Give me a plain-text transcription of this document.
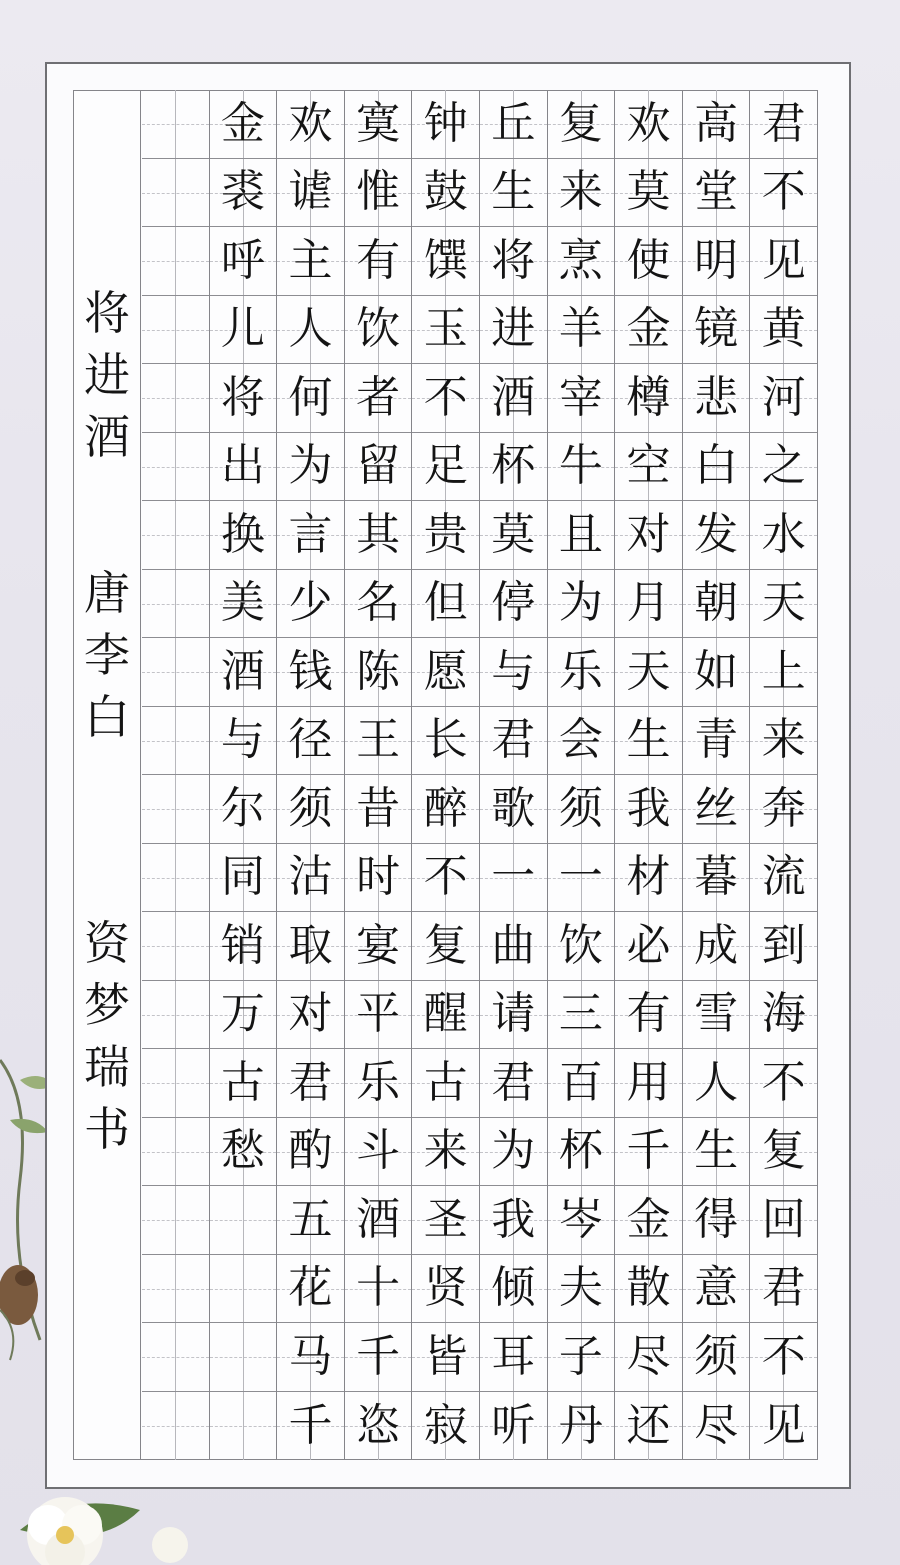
将
进
酒
唐
李
白
资
梦
瑞
书
君
不
见
黄
河
之
水
天
上
来
奔
流
到
海
不
复
回
君
不
见
高
堂
明
镜
悲
白
发
朝
如
青
丝
暮
成
雪
人
生
得
意
须
尽
欢
莫
使
金
樽
空
对
月
天
生
我
材
必
有
用
千
金
散
尽
还
复
来
烹
羊
宰
牛
且
为
乐
会
须
一
饮
三
百
杯
岑
夫
子
丹
丘
生
将
进
酒
杯
莫
停
与
君
歌
一
曲
请
君
为
我
倾
耳
听
钟
鼓
馔
玉
不
足
贵
但
愿
长
醉
不
复
醒
古
来
圣
贤
皆
寂
寞
惟
有
饮
者
留
其
名
陈
王
昔
时
宴
平
乐
斗
酒
十
千
恣
欢
谑
主
人
何
为
言
少
钱
径
须
沽
取
对
君
酌
五
花
马
千
金
裘
呼
儿
将
出
换
美
酒
与
尔
同
销
万
古
愁
